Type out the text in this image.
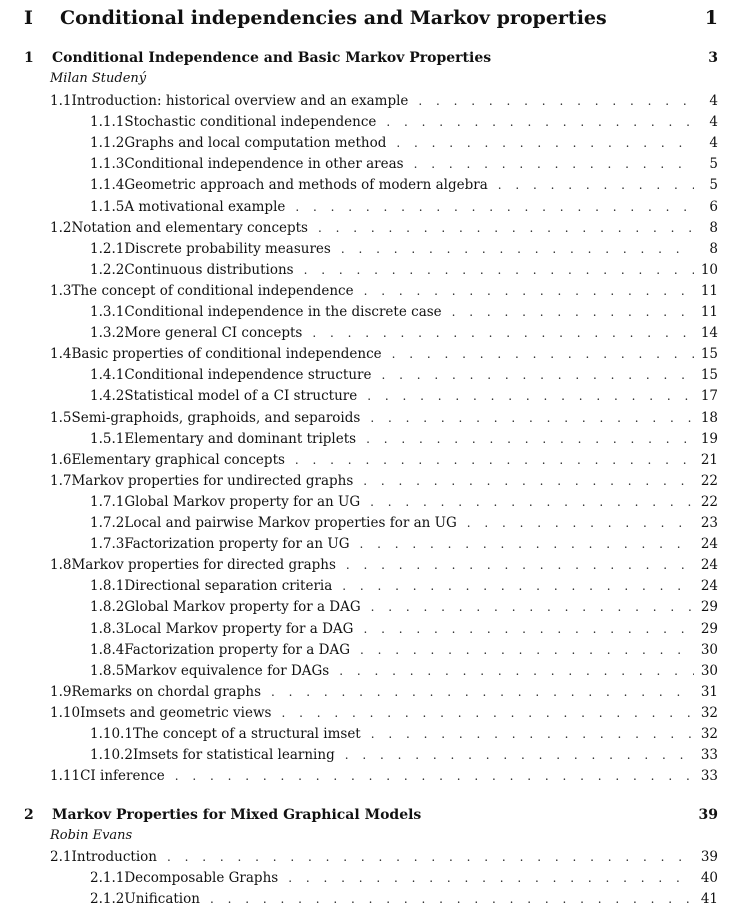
I	Conditional independencies and Markov properties	1
1	Conditional Independence and Basic Markov Properties	3
Milan Studený
1.1 Introduction: historical overview and an example . . .	4
1.1.1 Stochastic conditional independence . . .	4
1.1.2 Graphs and local computation method . . .	4
1.1.3 Conditional independence in other areas . . .	5
1.1.4 Geometric approach and methods of modern algebra . . .	5
1.1.5 A motivational example . . .	6
1.2 Notation and elementary concepts . . .	8
1.2.1 Discrete probability measures . . .	8
1.2.2 Continuous distributions . . .	10
1.3 The concept of conditional independence . . .	11
1.3.1 Conditional independence in the discrete case . . .	11
1.3.2 More general CI concepts . . .	14
1.4 Basic properties of conditional independence . . .	15
1.4.1 Conditional independence structure . . .	15
1.4.2 Statistical model of a CI structure . . .	17
1.5 Semi-graphoids, graphoids, and separoids . . .	18
1.5.1 Elementary and dominant triplets . . .	19
1.6 Elementary graphical concepts . . .	21
1.7 Markov properties for undirected graphs . . .	22
1.7.1 Global Markov property for an UG . . .	22
1.7.2 Local and pairwise Markov properties for an UG . . .	23
1.7.3 Factorization property for an UG . . .	24
1.8 Markov properties for directed graphs . . .	24
1.8.1 Directional separation criteria . . .	24
1.8.2 Global Markov property for a DAG . . .	29
1.8.3 Local Markov property for a DAG . . .	29
1.8.4 Factorization property for a DAG . . .	30
1.8.5 Markov equivalence for DAGs . . .	30
1.9 Remarks on chordal graphs . . .	31
1.10 Imsets and geometric views . . .	32
1.10.1 The concept of a structural imset . . .	32
1.10.2 Imsets for statistical learning . . .	33
1.11 CI inference . . .	33
2	Markov Properties for Mixed Graphical Models	39
Robin Evans
2.1 Introduction . . .	39
2.1.1 Decomposable Graphs . . .	40
2.1.2 Unification . . .	41
